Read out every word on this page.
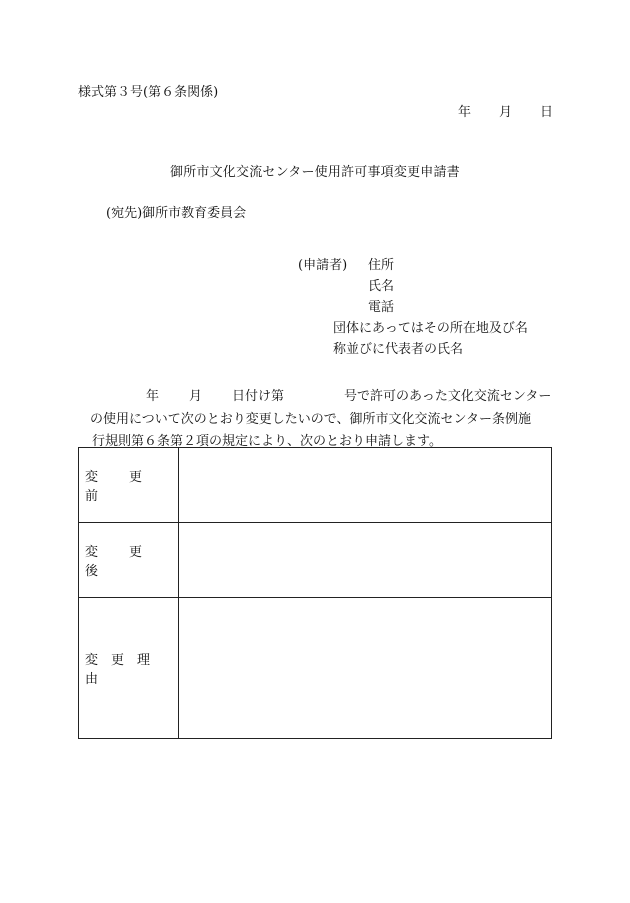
様式第３号(第６条関係)
年 月 日
御所市文化交流センター使用許可事項変更申請書
(宛先)御所市教育委員会
(申請者) 住所
氏名
電話
団体にあってはその所在地及び名
称並びに代表者の氏名
年 月 日付け第	号で許可のあった文化交流センター
の使用について次のとおり変更したいので、御所市文化交流センター条例施
行規則第６条第２項の規定により、次のとおり申請します。
変更前	

変更後	

変更理由	
